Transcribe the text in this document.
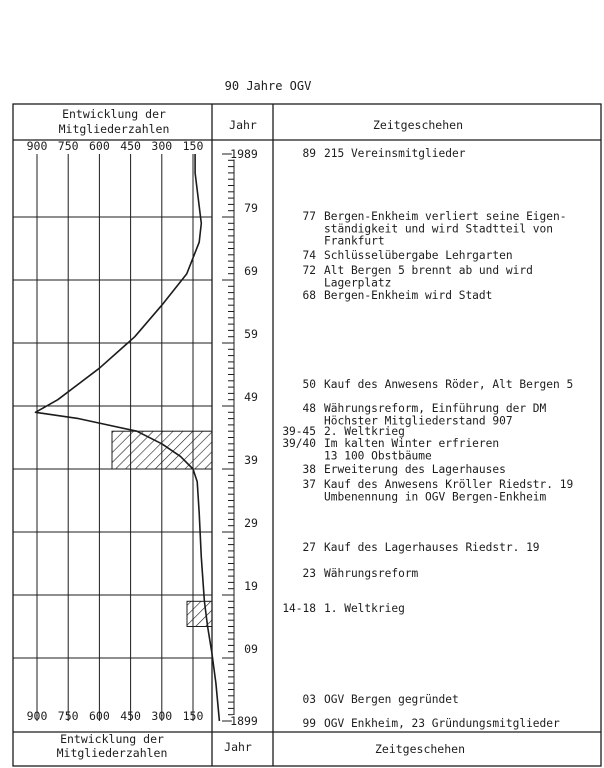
90 Jahre OGV
Entwicklung der
Mitgliederzahlen	Jahr	Zeitgeschehen
Entwicklung der
Mitgliederzahlen	Jahr	Zeitgeschehen
900 750 600 450 300 150
900 750 600 450 300 150
1989
79
69
59
49
39
29
19
09
1899
89 215 Vereinsmitglieder
77 Bergen-Enkheim verliert seine Eigen-
ständigkeit und wird Stadtteil von
Frankfurt
74 Schlüsselübergabe Lehrgarten
72 Alt Bergen 5 brennt ab und wird
Lagerplatz
68 Bergen-Enkheim wird Stadt
50 Kauf des Anwesens Röder, Alt Bergen 5
48 Währungsreform, Einführung der DM
Höchster Mitgliederstand 907
39-45 2. Weltkrieg
39/40 Im kalten Winter erfrieren
13 100 Obstbäume
38 Erweiterung des Lagerhauses
37 Kauf des Anwesens Kröller Riedstr. 19
Umbenennung in OGV Bergen-Enkheim
27 Kauf des Lagerhauses Riedstr. 19
23 Währungsreform
14-18 1. Weltkrieg
03 OGV Bergen gegründet
99 OGV Enkheim, 23 Gründungsmitglieder
